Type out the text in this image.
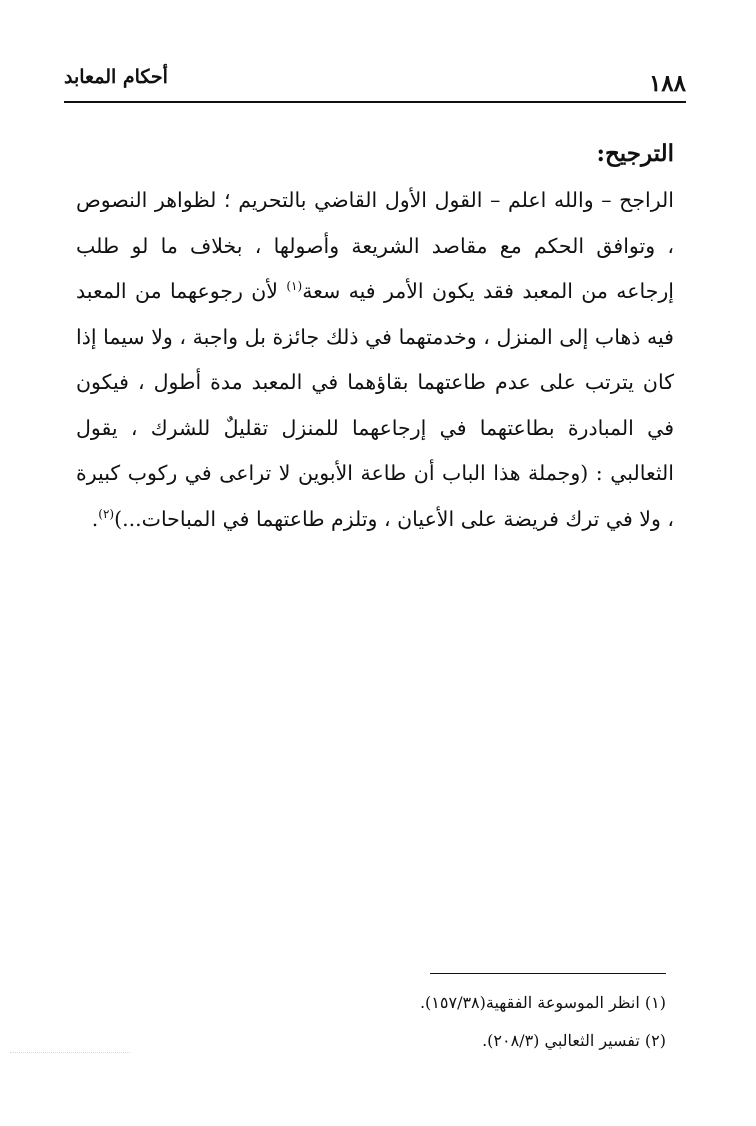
١٨٨
أحكام المعابد
الترجيح:

الراجح – والله اعلم – القول الأول القاضي بالتحريم ؛ لظواهر النصوص ، وتوافق الحكم مع مقاصد الشريعة وأصولها ، بخلاف ما لو طلب إرجاعه من المعبد فقد يكون الأمر فيه سعة$^{(١)}$ لأن رجوعهما من المعبد فيه ذهاب إلى المنزل ، وخدمتهما في ذلك جائزة بل واجبة ، ولا سيما إذا كان يترتب على عدم طاعتهما بقاؤهما في المعبد مدة أطول ، فيكون في المبادرة بطاعتهما في إرجاعهما للمنزل تقليلٌ للشرك ، يقول الثعالبي : (وجملة هذا الباب أن طاعة الأبوين لا تراعى في ركوب كبيرة ، ولا في ترك فريضة على الأعيان ، وتلزم طاعتهما في المباحات...)$^{(٢)}$.

(١) انظر الموسوعة الفقهية(١٥٧/٣٨).

(٢) تفسير الثعالبي (٢٠٨/٣).
